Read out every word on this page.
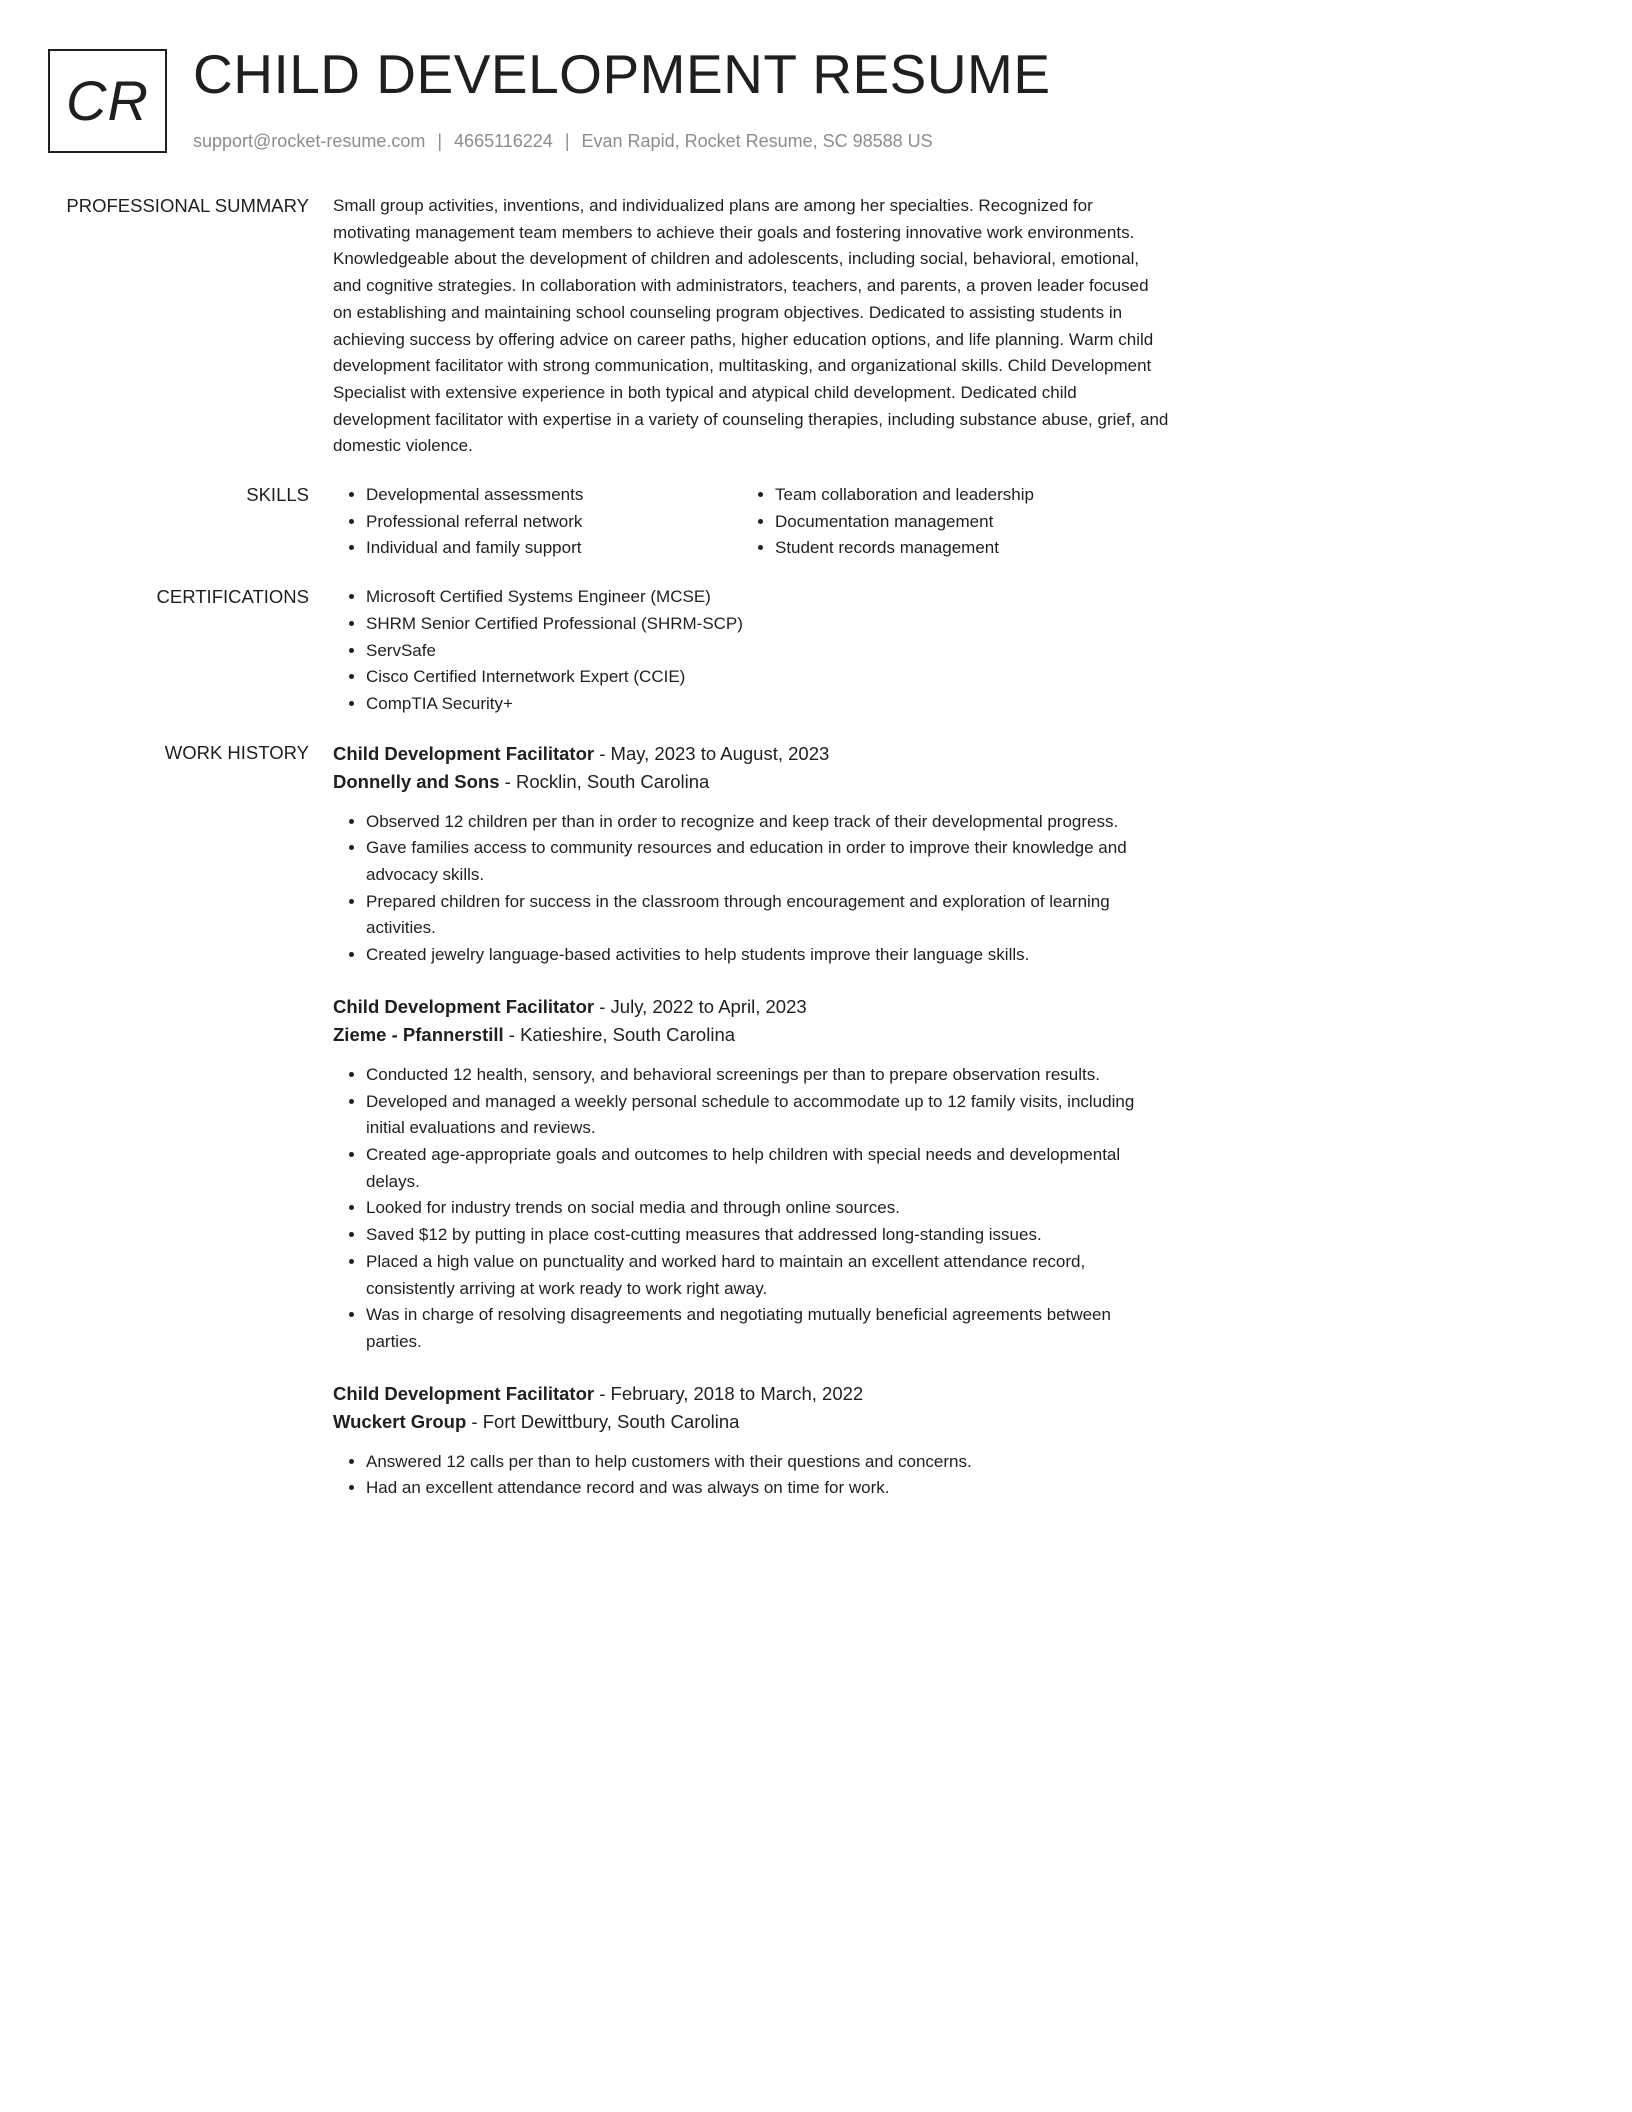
CR CHILD DEVELOPMENT RESUME
support@rocket-resume.com | 4665116224 | Evan Rapid, Rocket Resume, SC 98588 US
PROFESSIONAL SUMMARY Small group activities, inventions, and individualized plans are among her specialties. Recognized for motivating management team members to achieve their goals and fostering innovative work environments. Knowledgeable about the development of children and adolescents, including social, behavioral, emotional, and cognitive strategies. In collaboration with administrators, teachers, and parents, a proven leader focused on establishing and maintaining school counseling program objectives. Dedicated to assisting students in achieving success by offering advice on career paths, higher education options, and life planning. Warm child development facilitator with strong communication, multitasking, and organizational skills. Child Development Specialist with extensive experience in both typical and atypical child development. Dedicated child development facilitator with expertise in a variety of counseling therapies, including substance abuse, grief, and domestic violence.

SKILLS	• Developmental assessments
• Professional referral network
• Individual and family support
• Team collaboration and leadership
• Documentation management
• Student records management
CERTIFICATIONS	• Microsoft Certified Systems Engineer (MCSE)
• SHRM Senior Certified Professional (SHRM-SCP)
• ServSafe
• Cisco Certified Internetwork Expert (CCIE)
• CompTIA Security+
WORK HISTORY Child Development Facilitator - May, 2023 to August, 2023
Donnelly and Sons - Rocklin, South Carolina
• Observed 12 children per than in order to recognize and keep track of their developmental progress.
• Gave families access to community resources and education in order to improve their knowledge and advocacy skills.
• Prepared children for success in the classroom through encouragement and exploration of learning activities.
• Created jewelry language-based activities to help students improve their language skills.
Child Development Facilitator - July, 2022 to April, 2023
Zieme - Pfannerstill - Katieshire, South Carolina
• Conducted 12 health, sensory, and behavioral screenings per than to prepare observation results.
• Developed and managed a weekly personal schedule to accommodate up to 12 family visits, including initial evaluations and reviews.
• Created age-appropriate goals and outcomes to help children with special needs and developmental delays.
• Looked for industry trends on social media and through online sources.
• Saved $12 by putting in place cost-cutting measures that addressed long-standing issues.
• Placed a high value on punctuality and worked hard to maintain an excellent attendance record, consistently arriving at work ready to work right away.
• Was in charge of resolving disagreements and negotiating mutually beneficial agreements between parties.
Child Development Facilitator - February, 2018 to March, 2022
Wuckert Group - Fort Dewittbury, South Carolina
• Answered 12 calls per than to help customers with their questions and concerns.
• Had an excellent attendance record and was always on time for work.
